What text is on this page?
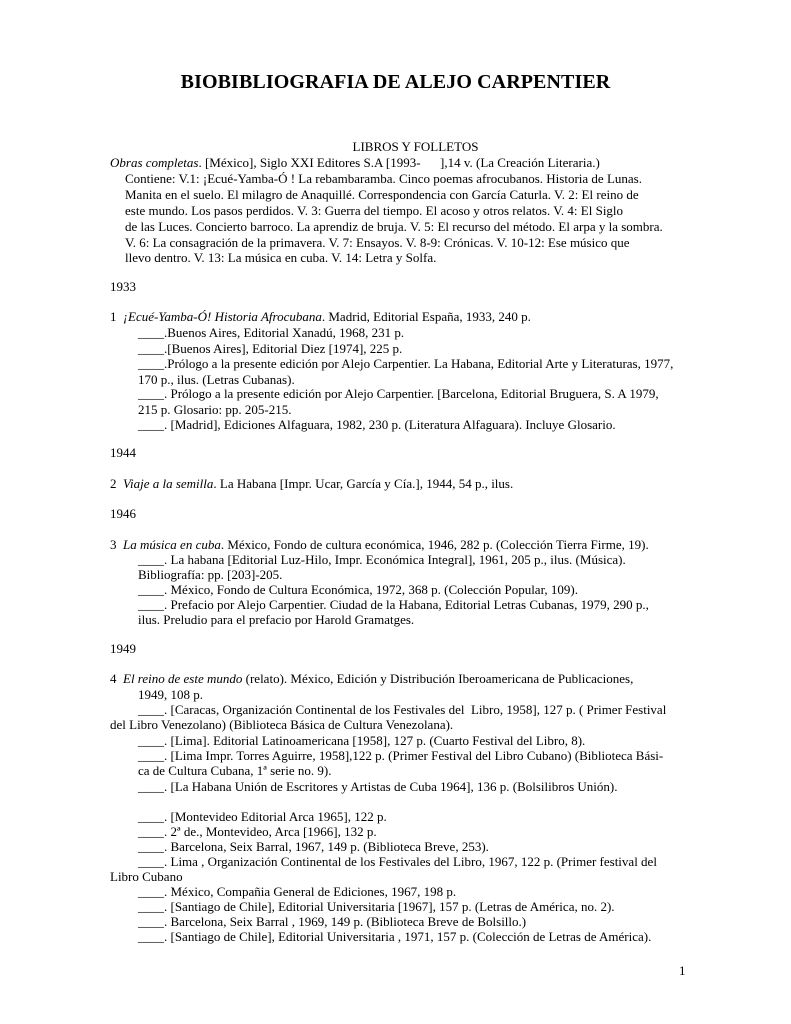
BIOBIBLIOGRAFIA DE ALEJO CARPENTIER
LIBROS Y FOLLETOS
Obras completas. [México], Siglo XXI Editores S.A [1993-      ],14 v. (La Creación Literaria.)
Contiene: V.1: ¡Ecué-Yamba-Ó ! La rebambaramba. Cinco poemas afrocubanos. Historia de Lunas.
Manita en el suelo. El milagro de Anaquillé. Correspondencia con García Caturla. V. 2: El reino de
este mundo. Los pasos perdidos. V. 3: Guerra del tiempo. El acoso y otros relatos. V. 4: El Siglo
de las Luces. Concierto barroco. La aprendiz de bruja. V. 5: El recurso del método. El arpa y la sombra.
V. 6: La consagración de la primavera. V. 7: Ensayos. V. 8-9: Crónicas. V. 10-12: Ese músico que
llevo dentro. V. 13: La música en cuba. V. 14: Letra y Solfa.
1933
1 ¡Ecué-Yamba-Ó! Historia Afrocubana. Madrid, Editorial España, 1933, 240 p.
____.Buenos Aires, Editorial Xanadú, 1968, 231 p.
____.[Buenos Aires], Editorial Diez [1974], 225 p.
____.Prólogo a la presente edición por Alejo Carpentier. La Habana, Editorial Arte y Literaturas, 1977,
170 p., ilus. (Letras Cubanas).
____. Prólogo a la presente edición por Alejo Carpentier. [Barcelona, Editorial Bruguera, S. A 1979,
215 p. Glosario: pp. 205-215.
____. [Madrid], Ediciones Alfaguara, 1982, 230 p. (Literatura Alfaguara). Incluye Glosario.
1944
2 Viaje a la semilla. La Habana [Impr. Ucar, García y Cía.], 1944, 54 p., ilus.
1946
3 La música en cuba. México, Fondo de cultura económica, 1946, 282 p. (Colección Tierra Firme, 19).
____. La habana [Editorial Luz-Hilo, Impr. Económica Integral], 1961, 205 p., ilus. (Música).
Bibliografía: pp. [203]-205.
____. México, Fondo de Cultura Económica, 1972, 368 p. (Colección Popular, 109).
____. Prefacio por Alejo Carpentier. Ciudad de la Habana, Editorial Letras Cubanas, 1979, 290 p.,
ilus. Preludio para el prefacio por Harold Gramatges.
1949
4 El reino de este mundo (relato). México, Edición y Distribución Iberoamericana de Publicaciones,
1949, 108 p.
____. [Caracas, Organización Continental de los Festivales del  Libro, 1958], 127 p. ( Primer Festival
del Libro Venezolano) (Biblioteca Básica de Cultura Venezolana).
____. [Lima]. Editorial Latinoamericana [1958], 127 p. (Cuarto Festival del Libro, 8).
____. [Lima Impr. Torres Aguirre, 1958],122 p. (Primer Festival del Libro Cubano) (Biblioteca Bási-
ca de Cultura Cubana, 1ª serie no. 9).
____. [La Habana Unión de Escritores y Artistas de Cuba 1964], 136 p. (Bolsilibros Unión).
____. [Montevideo Editorial Arca 1965], 122 p.
____. 2ª de., Montevideo, Arca [1966], 132 p.
____. Barcelona, Seix Barral, 1967, 149 p. (Biblioteca Breve, 253).
____. Lima , Organización Continental de los Festivales del Libro, 1967, 122 p. (Primer festival del
Libro Cubano
____. México, Compañia General de Ediciones, 1967, 198 p.
____. [Santiago de Chile], Editorial Universitaria [1967], 157 p. (Letras de América, no. 2).
____. Barcelona, Seix Barral , 1969, 149 p. (Biblioteca Breve de Bolsillo.)
____. [Santiago de Chile], Editorial Universitaria , 1971, 157 p. (Colección de Letras de América).
1
